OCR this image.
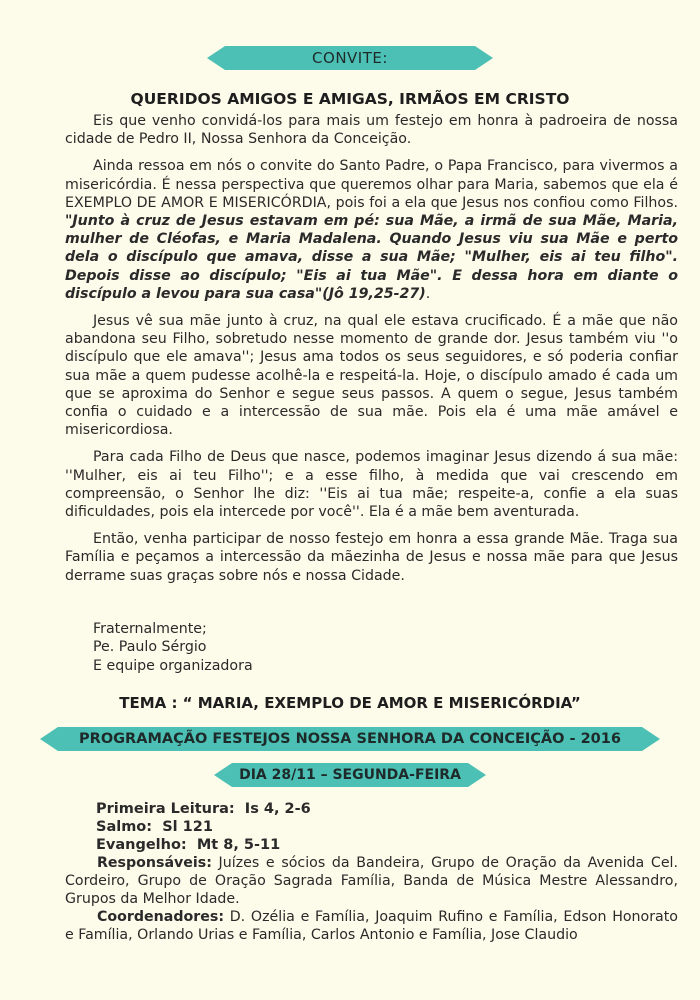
CONVITE:
QUERIDOS AMIGOS E AMIGAS, IRMÃOS EM CRISTO

Eis que venho convidá-los para mais um festejo em honra à padroeira de nossa cidade de Pedro II, Nossa Senhora da Conceição.

Ainda ressoa em nós o convite do Santo Padre, o Papa Francisco, para vivermos a misericórdia. É nessa perspectiva que queremos olhar para Maria, sabemos que ela é EXEMPLO DE AMOR E MISERICÓRDIA, pois foi a ela que Jesus nos confiou como Filhos. "Junto à cruz de Jesus estavam em pé: sua Mãe, a irmã de sua Mãe, Maria, mulher de Cléofas, e Maria Madalena. Quando Jesus viu sua Mãe e perto dela o discípulo que amava, disse a sua Mãe; "Mulher, eis ai teu filho". Depois disse ao discípulo; "Eis ai tua Mãe". E dessa hora em diante o discípulo a levou para sua casa"(Jô 19,25-27).

Jesus vê sua mãe junto à cruz, na qual ele estava crucificado. É a mãe que não abandona seu Filho, sobretudo nesse momento de grande dor. Jesus também viu ''o discípulo que ele amava''; Jesus ama todos os seus seguidores, e só poderia confiar sua mãe a quem pudesse acolhê-la e respeitá-la. Hoje, o discípulo amado é cada um que se aproxima do Senhor e segue seus passos. A quem o segue, Jesus também confia o cuidado e a intercessão de sua mãe. Pois ela é uma mãe amável e misericordiosa.

Para cada Filho de Deus que nasce, podemos imaginar Jesus dizendo á sua mãe: ''Mulher, eis ai teu Filho''; e a esse filho, à medida que vai crescendo em compreensão, o Senhor lhe diz: ''Eis ai tua mãe; respeite-a, confie a ela suas dificuldades, pois ela intercede por você''. Ela é a mãe bem aventurada.

Então, venha participar de nosso festejo em honra a essa grande Mãe. Traga sua Família e peçamos a intercessão da mãezinha de Jesus e nossa mãe para que Jesus derrame suas graças sobre nós e nossa Cidade.

Fraternalmente;
Pe. Paulo Sérgio
E equipe organizadora
TEMA : “ MARIA, EXEMPLO DE AMOR E MISERICÓRDIA”
PROGRAMAÇÃO FESTEJOS NOSSA SENHORA DA CONCEIÇÃO - 2016
DIA 28/11 – SEGUNDA-FEIRA
Primeira Leitura: Is 4, 2-6
Salmo: Sl 121
Evangelho: Mt 8, 5-11

Responsáveis: Juízes e sócios da Bandeira, Grupo de Oração da Avenida Cel. Cordeiro, Grupo de Oração Sagrada Família, Banda de Música Mestre Alessandro, Grupos da Melhor Idade.

Coordenadores: D. Ozélia e Família, Joaquim Rufino e Família, Edson Honorato e Família, Orlando Urias e Família, Carlos Antonio e Família, Jose Claudio
